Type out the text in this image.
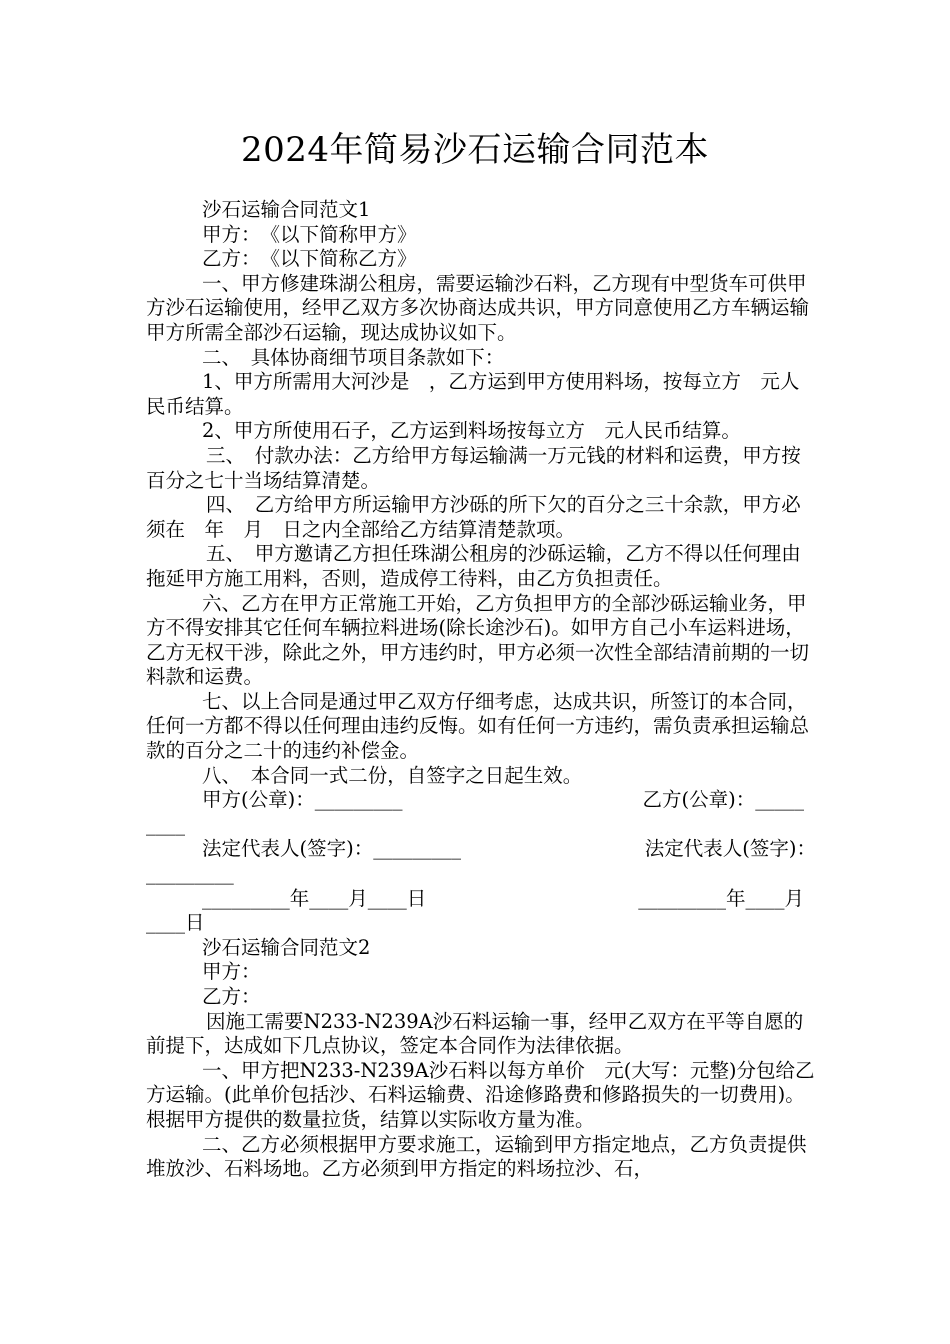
2024年简易沙石运输合同范本

沙石运输合同范文1

甲方：　《以下简称甲方》

乙方：　《以下简称乙方》

一、甲方修建珠湖公租房，需要运输沙石料，乙方现有中型货车可供甲方沙石运输使用，经甲乙双方多次协商达成共识，甲方同意使用乙方车辆运输甲方所需全部沙石运输，现达成协议如下。

二、　具体协商细节项目条款如下：

1、甲方所需用大河沙是　，乙方运到甲方使用料场，按每立方　元人民币结算。

2、甲方所使用石子，乙方运到料场按每立方　元人民币结算。

三、　付款办法：乙方给甲方每运输满一万元钱的材料和运费，甲方按百分之七十当场结算清楚。

四、　乙方给甲方所运输甲方沙砾的所下欠的百分之三十余款，甲方必须在　年　月　日之内全部给乙方结算清楚款项。

五、　甲方邀请乙方担任珠湖公租房的沙砾运输，乙方不得以任何理由拖延甲方施工用料，否则，造成停工待料，由乙方负担责任。

六、乙方在甲方正常施工开始，乙方负担甲方的全部沙砾运输业务，甲方不得安排其它任何车辆拉料进场(除长途沙石)。如甲方自己小车运料进场，乙方无权干涉，除此之外，甲方违约时，甲方必须一次性全部结清前期的一切料款和运费。

七、以上合同是通过甲乙双方仔细考虑，达成共识，所签订的本合同，任何一方都不得以任何理由违约反悔。如有任何一方违约，需负责承担运输总款的百分之二十的违约补偿金。

八、　本合同一式二份，自签字之日起生效。

甲方(公章)：_________	乙方(公章)：_____
____
法定代表人(签字)：_________	法定代表人(签字)：
_________
_________年____月____日	_________年____月
____日

沙石运输合同范文2

甲方：

乙方：

因施工需要N233-N239A沙石料运输一事，经甲乙双方在平等自愿的前提下，达成如下几点协议，签定本合同作为法律依据。

一、甲方把N233-N239A沙石料以每方单价　元(大写：元整)分包给乙方运输。(此单价包括沙、石料运输费、沿途修路费和修路损失的一切费用)。根据甲方提供的数量拉货，结算以实际收方量为准。

二、乙方必须根据甲方要求施工，运输到甲方指定地点，乙方负责提供堆放沙、石料场地。乙方必须到甲方指定的料场拉沙、石，
